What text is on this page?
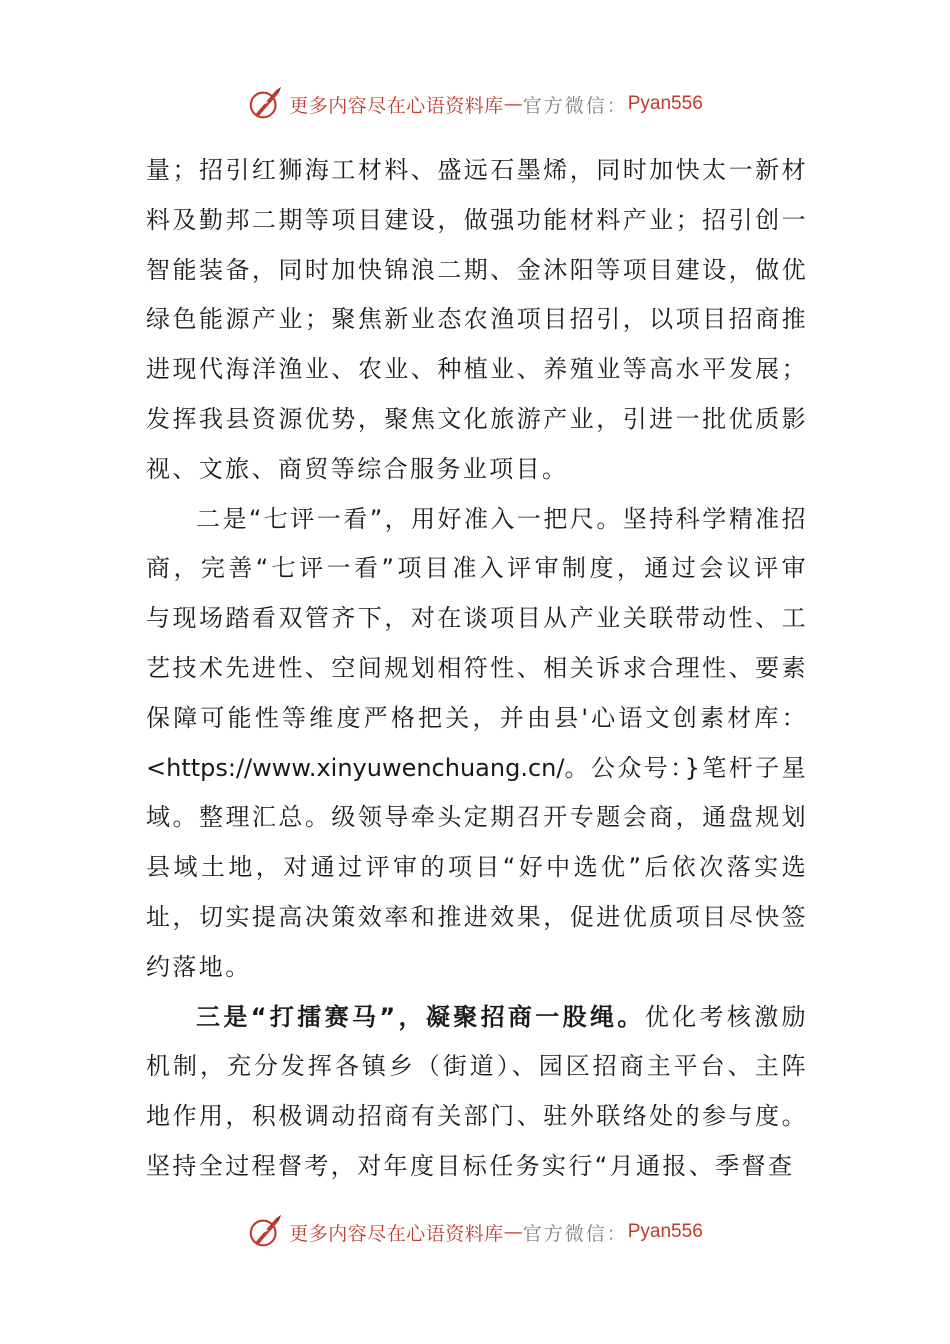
更多内容尽在心语资料库 — 官方微信： Pyan556

量；招引红狮海工材料、盛远石墨烯，同时加快太一新材料及勤邦二期等项目建设，做强功能材料产业；招引创一智能装备，同时加快锦浪二期、金沐阳等项目建设，做优绿色能源产业；聚焦新业态农渔项目招引，以项目招商推进现代海洋渔业、农业、种植业、养殖业等高水平发展；发挥我县资源优势，聚焦文化旅游产业，引进一批优质影视、文旅、商贸等综合服务业项目。

二是“七评一看”，用好准入一把尺。坚持科学精准招商，完善“七评一看”项目准入评审制度，通过会议评审与现场踏看双管齐下，对在谈项目从产业关联带动性、工艺技术先进性、空间规划相符性、相关诉求合理性、要素保障可能性等维度严格把关，并由县'心语文创素材库：<https://www.xinyuwenchuang.cn/。公众号：}笔杆子星域。整理汇总。级领导牵头定期召开专题会商，通盘规划县域土地，对通过评审的项目“好中选优”后依次落实选址，切实提高决策效率和推进效果，促进优质项目尽快签约落地。

三是“打擂赛马”，凝聚招商一股绳。优化考核激励机制，充分发挥各镇乡（街道）、园区招商主平台、主阵地作用，积极调动招商有关部门、驻外联络处的参与度。坚持全过程督考，对年度目标任务实行“月通报、季督查

更多内容尽在心语资料库 — 官方微信： Pyan556
